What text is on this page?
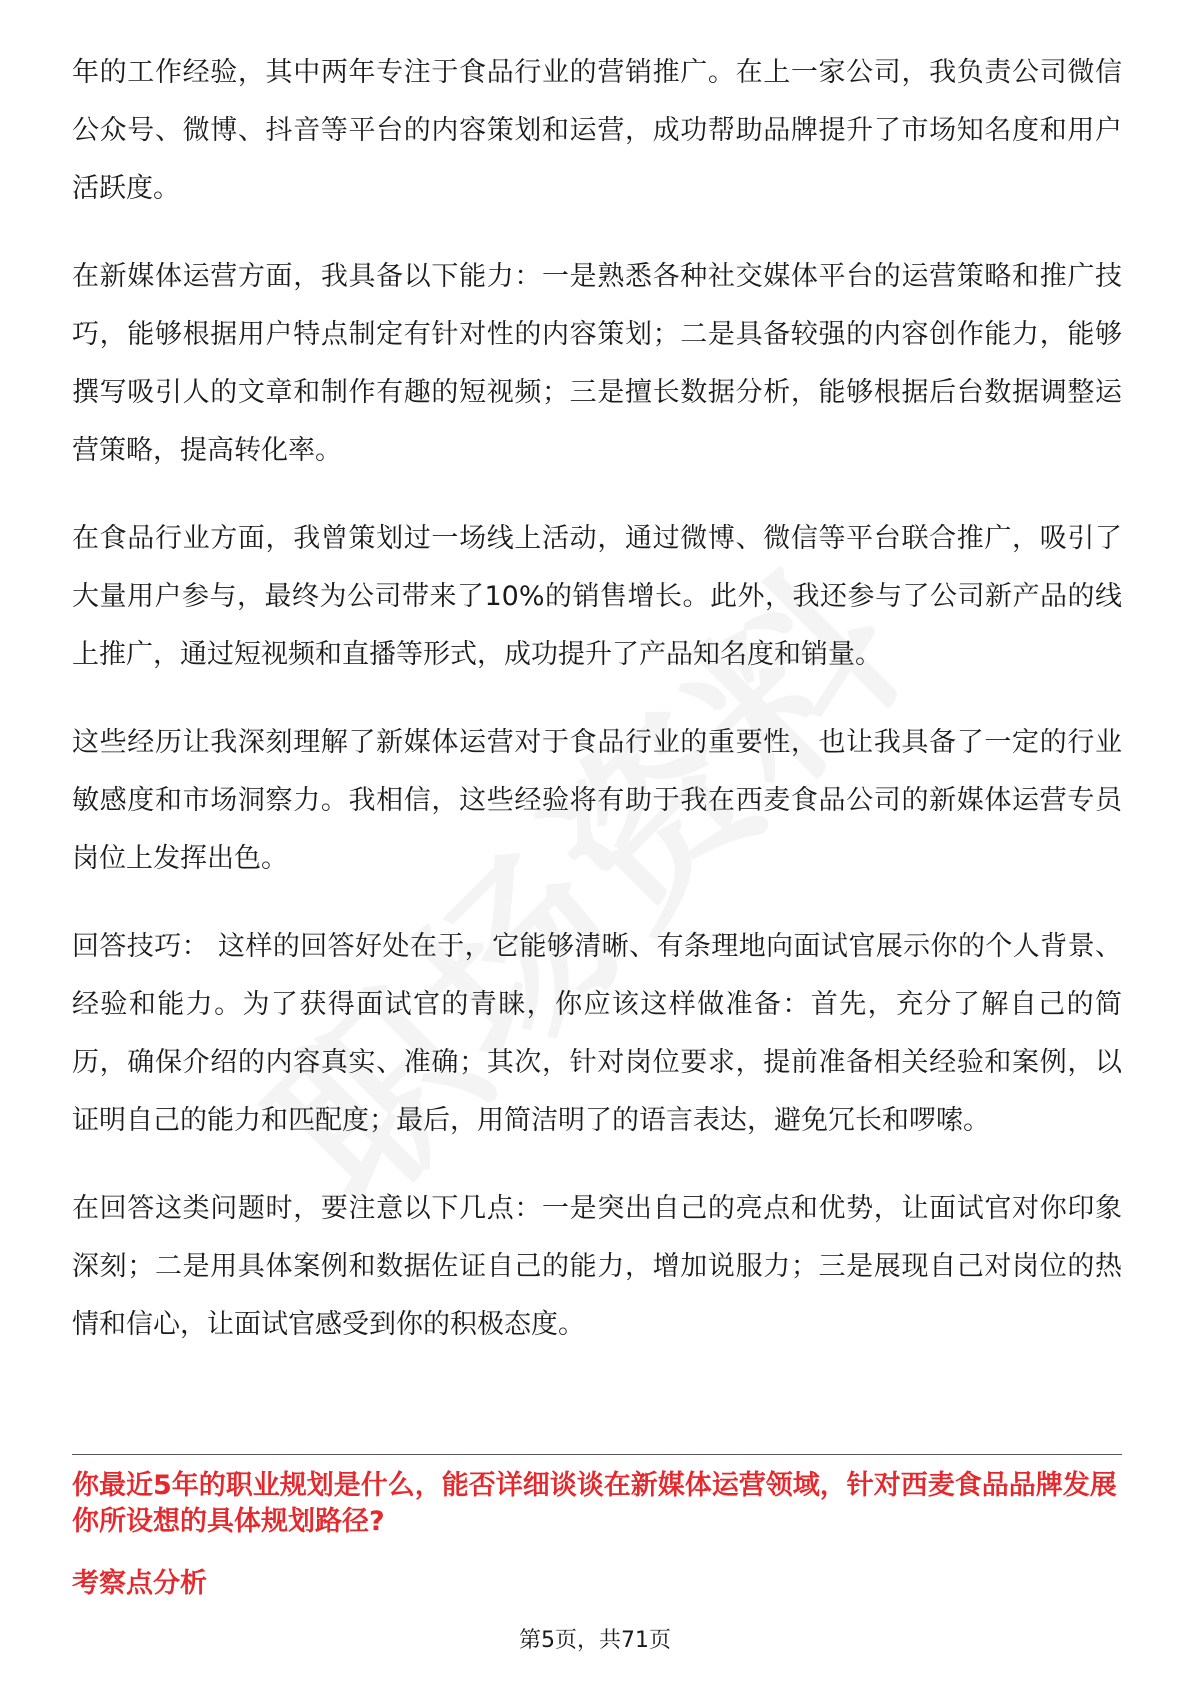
年的工作经验，其中两年专注于食品行业的营销推广。在上一家公司，我负责公司微信公众号、微博、抖音等平台的内容策划和运营，成功帮助品牌提升了市场知名度和用户活跃度。

在新媒体运营方面，我具备以下能力：一是熟悉各种社交媒体平台的运营策略和推广技巧，能够根据用户特点制定有针对性的内容策划；二是具备较强的内容创作能力，能够撰写吸引人的文章和制作有趣的短视频；三是擅长数据分析，能够根据后台数据调整运营策略，提高转化率。

在食品行业方面，我曾策划过一场线上活动，通过微博、微信等平台联合推广，吸引了大量用户参与，最终为公司带来了10%的销售增长。此外，我还参与了公司新产品的线上推广，通过短视频和直播等形式，成功提升了产品知名度和销量。

这些经历让我深刻理解了新媒体运营对于食品行业的重要性，也让我具备了一定的行业敏感度和市场洞察力。我相信，这些经验将有助于我在西麦食品公司的新媒体运营专员岗位上发挥出色。

回答技巧： 这样的回答好处在于，它能够清晰、有条理地向面试官展示你的个人背景、经验和能力。为了获得面试官的青睐，你应该这样做准备：首先，充分了解自己的简历，确保介绍的内容真实、准确；其次，针对岗位要求，提前准备相关经验和案例，以证明自己的能力和匹配度；最后，用简洁明了的语言表达，避免冗长和啰嗦。

在回答这类问题时，要注意以下几点：一是突出自己的亮点和优势，让面试官对你印象深刻；二是用具体案例和数据佐证自己的能力，增加说服力；三是展现自己对岗位的热情和信心，让面试官感受到你的积极态度。

你最近5年的职业规划是什么，能否详细谈谈在新媒体运营领域，针对西麦食品品牌发展你所设想的具体规划路径?

考察点分析

第5页，共71页
